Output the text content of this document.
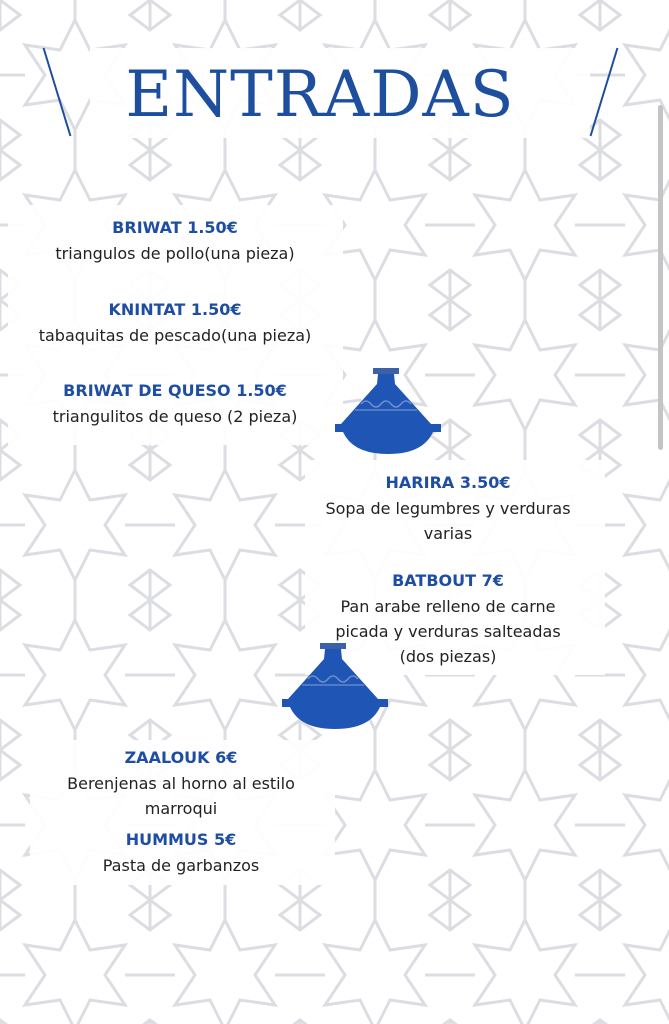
ENTRADAS
BRIWAT 1.50€
triangulos de pollo(una pieza)
KNINTAT 1.50€
tabaquitas de pescado(una pieza)
BRIWAT DE QUESO 1.50€
triangulitos de queso (2 pieza)
HARIRA 3.50€
Sopa de legumbres y verduras
varias
BATBOUT 7€
Pan arabe relleno de carne
picada y verduras salteadas
(dos piezas)
ZAALOUK 6€
Berenjenas al horno al estilo
marroqui
HUMMUS 5€
Pasta de garbanzos
